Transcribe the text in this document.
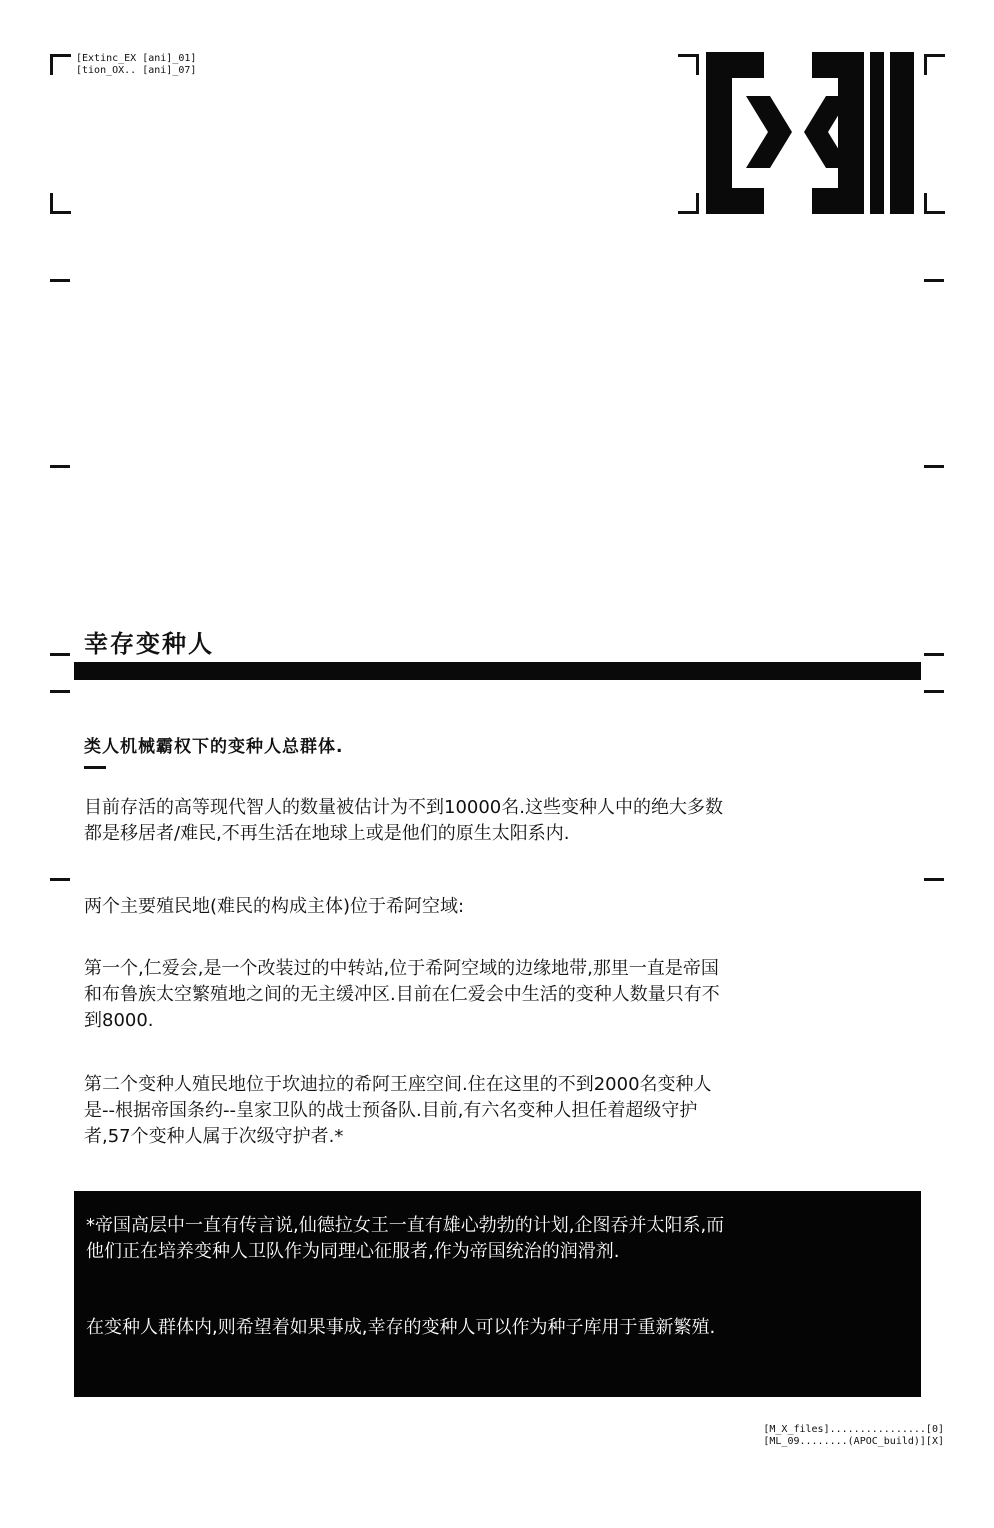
[Extinc_EX [ani]_01]
[tion_OX.. [ani]_07]
幸存变种人
类人机械霸权下的变种人总群体.

目前存活的高等现代智人的数量被估计为不到10000名.这些变种人中的绝大多数都是移居者/难民,不再生活在地球上或是他们的原生太阳系内.

两个主要殖民地(难民的构成主体)位于希阿空域:

第一个,仁爱会,是一个改装过的中转站,位于希阿空域的边缘地带,那里一直是帝国和布鲁族太空繁殖地之间的无主缓冲区.目前在仁爱会中生活的变种人数量只有不到8000.

第二个变种人殖民地位于坎迪拉的希阿王座空间.住在这里的不到2000名变种人是--根据帝国条约--皇家卫队的战士预备队.目前,有六名变种人担任着超级守护者,57个变种人属于次级守护者.*

*帝国高层中一直有传言说,仙德拉女王一直有雄心勃勃的计划,企图吞并太阳系,而他们正在培养变种人卫队作为同理心征服者,作为帝国统治的润滑剂.

在变种人群体内,则希望着如果事成,幸存的变种人可以作为种子库用于重新繁殖.

[M_X_files]................[0]
[ML_09........(APOC_build)][X]
